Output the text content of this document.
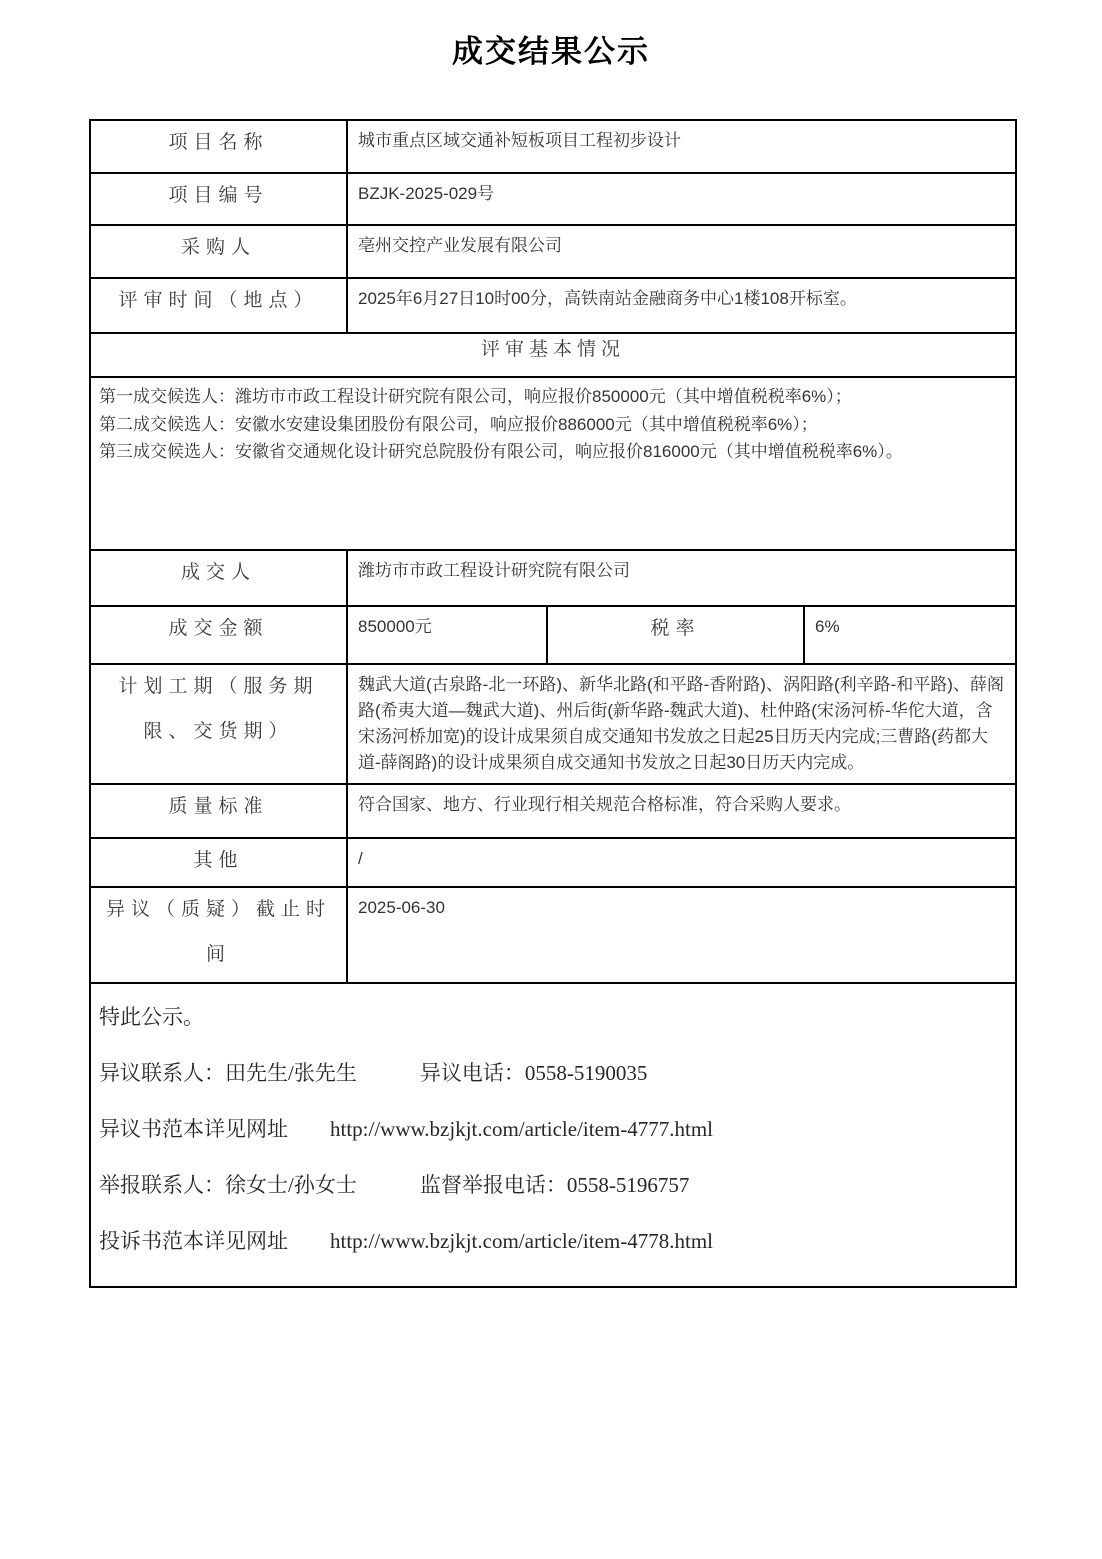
成交结果公示
项目名称	城市重点区域交通补短板项目工程初步设计		
项目编号	BZJK-2025-029号		
采购人	亳州交控产业发展有限公司		
评审时间（地点）	2025年6月27日10时00分，高铁南站金融商务中心1楼108开标室。		
评审基本情况			

第一成交候选人：潍坊市市政工程设计研究院有限公司，响应报价850000元（其中增值税税率6%）；
第二成交候选人：安徽水安建设集团股份有限公司，响应报价886000元（其中增值税税率6%）；
第三成交候选人：安徽省交通规化设计研究总院股份有限公司，响应报价816000元（其中增值税税率6%）。			

成交人	潍坊市市政工程设计研究院有限公司		
成交金额	850000元	税率	6%
计划工期（服务期限、交货期）	魏武大道(古泉路-北一环路)、新华北路(和平路-香附路)、涡阳路(利辛路-和平路)、薛阁路(希夷大道—魏武大道)、州后街(新华路-魏武大道)、杜仲路(宋汤河桥-华佗大道，含宋汤河桥加宽)的设计成果须自成交通知书发放之日起25日历天内完成;三曹路(药都大道-薛阁路)的设计成果须自成交通知书发放之日起30日历天内完成。		
质量标准	符合国家、地方、行业现行相关规范合格标准，符合采购人要求。		
其他	/		
异议（质疑）截止时间	2025-06-30		

特此公示。

异议联系人：田先生/张先生　　　异议电话：0558-5190035

异议书范本详见网址　　http://www.bzjkjt.com/article/item-4777.html

举报联系人：徐女士/孙女士　　　监督举报电话：0558-5196757

投诉书范本详见网址　　http://www.bzjkjt.com/article/item-4778.html			
